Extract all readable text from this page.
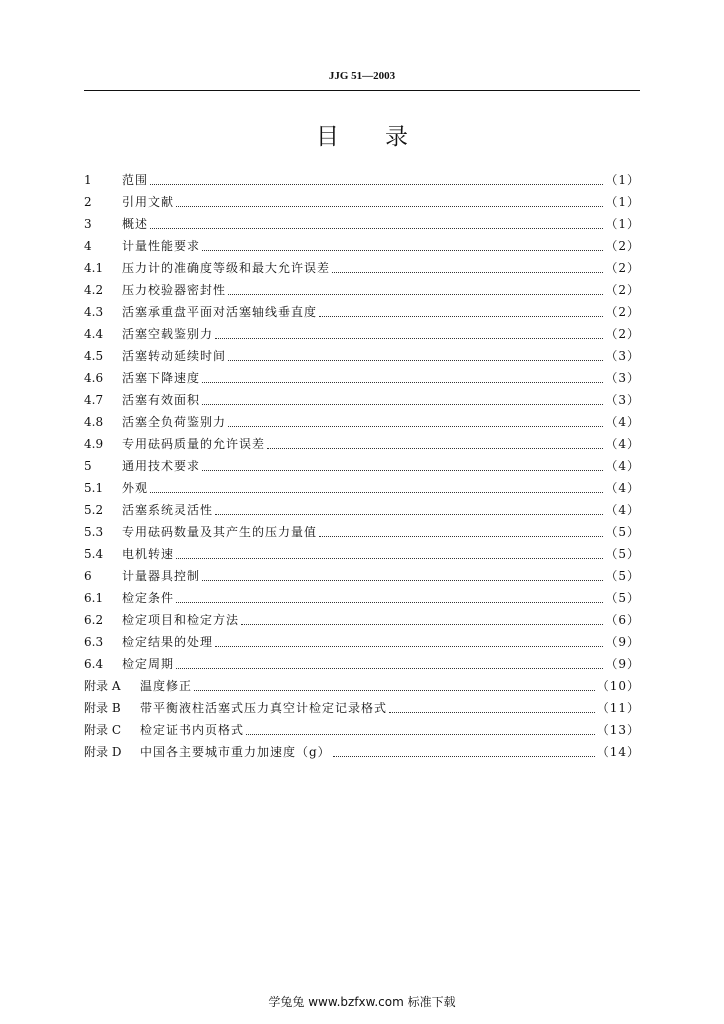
JJG 51—2003
目录
1	范围	（1）
2	引用文献	（1）
3	概述	（1）
4	计量性能要求	（2）
4.1	压力计的准确度等级和最大允许误差	（2）
4.2	压力校验器密封性	（2）
4.3	活塞承重盘平面对活塞轴线垂直度	（2）
4.4	活塞空载鉴别力	（2）
4.5	活塞转动延续时间	（3）
4.6	活塞下降速度	（3）
4.7	活塞有效面积	（3）
4.8	活塞全负荷鉴别力	（4）
4.9	专用砝码质量的允许误差	（4）
5	通用技术要求	（4）
5.1	外观	（4）
5.2	活塞系统灵活性	（4）
5.3	专用砝码数量及其产生的压力量值	（5）
5.4	电机转速	（5）
6	计量器具控制	（5）
6.1	检定条件	（5）
6.2	检定项目和检定方法	（6）
6.3	检定结果的处理	（9）
6.4	检定周期	（9）
附录 A	温度修正	（10）
附录 B	带平衡液柱活塞式压力真空计检定记录格式	（11）
附录 C	检定证书内页格式	（13）
附录 D	中国各主要城市重力加速度（g）	（14）
学兔兔 www.bzfxw.com 标准下载
